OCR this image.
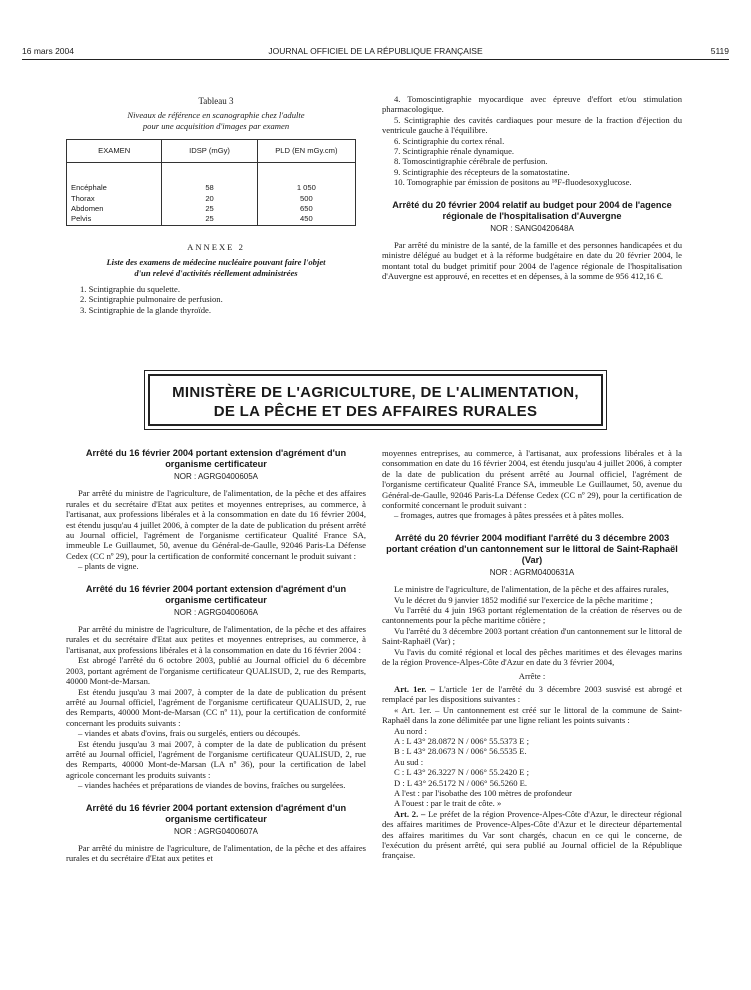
16 mars 2004	JOURNAL OFFICIEL DE LA RÉPUBLIQUE FRANÇAISE	5119
Tableau 3
Niveaux de référence en scanographie chez l'adulte
pour une acquisition d'images par examen
EXAMEN	IDSP (mGy)	PLD (EN mGy.cm)

Encéphale	58	1 050
Thorax	20	500
Abdomen	25	650
Pelvis	25	450
ANNEXE 2
Liste des examens de médecine nucléaire pouvant faire l'objet
d'un relevé d'activités réellement administrées
1. Scintigraphie du squelette.
2. Scintigraphie pulmonaire de perfusion.
3. Scintigraphie de la glande thyroïde.

4. Tomoscintigraphie myocardique avec épreuve d'effort et/ou stimulation pharmacologique.

5. Scintigraphie des cavités cardiaques pour mesure de la fraction d'éjection du ventricule gauche à l'équilibre.

6. Scintigraphie du cortex rénal.

7. Scintigraphie rénale dynamique.

8. Tomoscintigraphie cérébrale de perfusion.

9. Scintigraphie des récepteurs de la somatostatine.

10. Tomographie par émission de positons au ¹⁸F-fluodesoxyglucose.

Arrêté du 20 février 2004 relatif au budget pour 2004 de l'agence régionale de l'hospitalisation d'Auvergne
NOR : SANG0420648A

Par arrêté du ministre de la santé, de la famille et des personnes handicapées et du ministre délégué au budget et à la réforme budgétaire en date du 20 février 2004, le montant total du budget primitif pour 2004 de l'agence régionale de l'hospitalisation d'Auvergne est approuvé, en recettes et en dépenses, à la somme de 956 412,16 €.

MINISTÈRE DE L'AGRICULTURE, DE L'ALIMENTATION,
DE LA PÊCHE ET DES AFFAIRES RURALES
Arrêté du 16 février 2004 portant extension d'agrément d'un organisme certificateur
NOR : AGRG0400605A

Par arrêté du ministre de l'agriculture, de l'alimentation, de la pêche et des affaires rurales et du secrétaire d'Etat aux petites et moyennes entreprises, au commerce, à l'artisanat, aux professions libérales et à la consommation en date du 16 février 2004, est étendu jusqu'au 4 juillet 2006, à compter de la date de publication du présent arrêté au Journal officiel, l'agrément de l'organisme certificateur Qualité France SA, immeuble Le Guillaumet, 50, avenue du Général-de-Gaulle, 92046 Paris-La Défense Cedex (CC nº 29), pour la certification de conformité concernant le produit suivant :

– plants de vigne.

Arrêté du 16 février 2004 portant extension d'agrément d'un organisme certificateur
NOR : AGRG0400606A

Par arrêté du ministre de l'agriculture, de l'alimentation, de la pêche et des affaires rurales et du secrétaire d'Etat aux petites et moyennes entreprises, au commerce, à l'artisanat, aux professions libérales et à la consommation en date du 16 février 2004 :

Est abrogé l'arrêté du 6 octobre 2003, publié au Journal officiel du 6 décembre 2003, portant agrément de l'organisme certificateur QUALISUD, 2, rue des Remparts, 40000 Mont-de-Marsan.

Est étendu jusqu'au 3 mai 2007, à compter de la date de publication du présent arrêté au Journal officiel, l'agrément de l'organisme certificateur QUALISUD, 2, rue des Remparts, 40000 Mont-de-Marsan (CC nº 11), pour la certification de conformité concernant les produits suivants :

– viandes et abats d'ovins, frais ou surgelés, entiers ou découpés.

Est étendu jusqu'au 3 mai 2007, à compter de la date de publication du présent arrêté au Journal officiel, l'agrément de l'organisme certificateur QUALISUD, 2, rue des Remparts, 40000 Mont-de-Marsan (LA nº 36), pour la certification de label agricole concernant les produits suivants :

– viandes hachées et préparations de viandes de bovins, fraîches ou surgelées.

Arrêté du 16 février 2004 portant extension d'agrément d'un organisme certificateur
NOR : AGRG0400607A

Par arrêté du ministre de l'agriculture, de l'alimentation, de la pêche et des affaires rurales et du secrétaire d'Etat aux petites et

moyennes entreprises, au commerce, à l'artisanat, aux professions libérales et à la consommation en date du 16 février 2004, est étendu jusqu'au 4 juillet 2006, à compter de la date de publication du présent arrêté au Journal officiel, l'agrément de l'organisme certificateur Qualité France SA, immeuble Le Guillaumet, 50, avenue du Général-de-Gaulle, 92046 Paris-La Défense Cedex (CC nº 29), pour la certification de conformité concernant le produit suivant :

– fromages, autres que fromages à pâtes pressées et à pâtes molles.

Arrêté du 20 février 2004 modifiant l'arrêté du 3 décembre 2003 portant création d'un cantonnement sur le littoral de Saint-Raphaël (Var)
NOR : AGRM0400631A

Le ministre de l'agriculture, de l'alimentation, de la pêche et des affaires rurales,

Vu le décret du 9 janvier 1852 modifié sur l'exercice de la pêche maritime ;

Vu l'arrêté du 4 juin 1963 portant réglementation de la création de réserves ou de cantonnements pour la pêche maritime côtière ;

Vu l'arrêté du 3 décembre 2003 portant création d'un cantonnement sur le littoral de Saint-Raphaël (Var) ;

Vu l'avis du comité régional et local des pêches maritimes et des élevages marins de la région Provence-Alpes-Côte d'Azur en date du 3 février 2004,

Arrête :

Art. 1er. – L'article 1er de l'arrêté du 3 décembre 2003 susvisé est abrogé et remplacé par les dispositions suivantes :

« Art. 1er. – Un cantonnement est créé sur le littoral de la commune de Saint-Raphaël dans la zone délimitée par une ligne reliant les points suivants :

Au nord :

A : L 43° 28.0872 N / 006° 55.5373 E ;

B : L 43° 28.0673 N / 006° 56.5535 E.

Au sud :

C : L 43° 26.3227 N / 006° 55.2420 E ;

D : L 43° 26.5172 N / 006° 56.5260 E.

A l'est : par l'isobathe des 100 mètres de profondeur

A l'ouest : par le trait de côte. »

Art. 2. – Le préfet de la région Provence-Alpes-Côte d'Azur, le directeur régional des affaires maritimes de Provence-Alpes-Côte d'Azur et le directeur départemental des affaires maritimes du Var sont chargés, chacun en ce qui le concerne, de l'exécution du présent arrêté, qui sera publié au Journal officiel de la République française.
